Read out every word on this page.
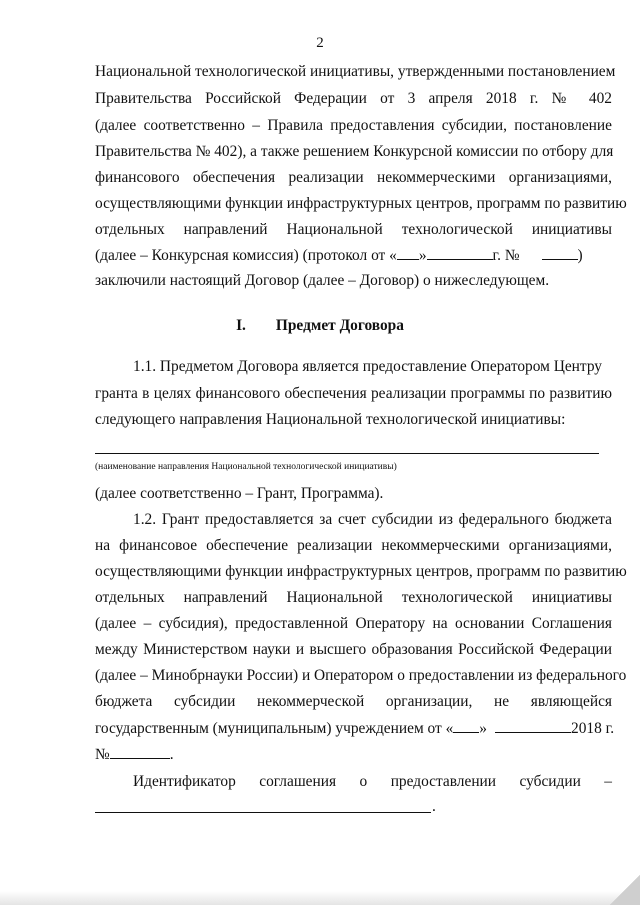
2
Национальной технологической инициативы, утвержденными постановлением
Правительства Российской Федерации от 3 апреля 2018 г. № 402
(далее соответственно – Правила предоставления субсидии, постановление
Правительства № 402), а также решением Конкурсной комиссии по отбору для
финансового обеспечения реализации некоммерческими организациями,
осуществляющими функции инфраструктурных центров, программ по развитию
отдельных направлений Национальной технологической инициативы
(далее – Конкурсная комиссия) (протокол от « »	г. №	)
заключили настоящий Договор (далее – Договор) о нижеследующем.
I. Предмет Договора
1.1. Предметом Договора является предоставление Оператором Центру
гранта в целях финансового обеспечения реализации программы по развитию
следующего направления Национальной технологической инициативы:
(наименование направления Национальной технологической инициативы)
(далее соответственно – Грант, Программа).
1.2. Грант предоставляется за счет субсидии из федерального бюджета
на финансовое обеспечение реализации некоммерческими организациями,
осуществляющими функции инфраструктурных центров, программ по развитию
отдельных направлений Национальной технологической инициативы
(далее – субсидия), предоставленной Оператору на основании Соглашения
между Министерством науки и высшего образования Российской Федерации
(далее – Минобрнауки России) и Оператором о предоставлении из федерального
бюджета субсидии некоммерческой организации, не являющейся
государственным (муниципальным) учреждением от « »	2018 г.
№	.
Идентификатор соглашения о предоставлении субсидии –
.
